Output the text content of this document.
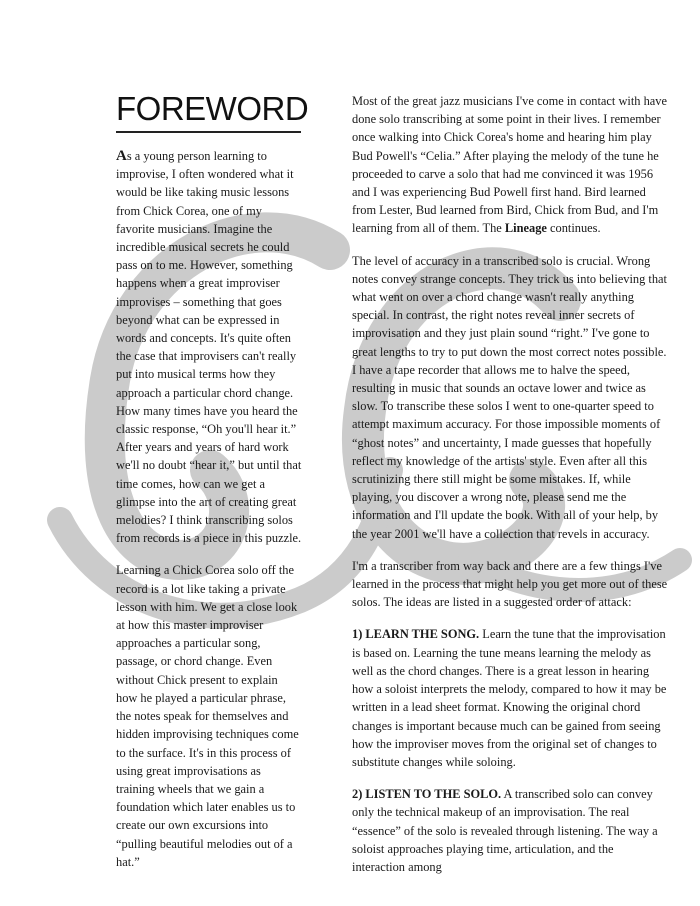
FOREWORD

As a young person learning to improvise, I often wondered what it would be like taking music lessons from Chick Corea, one of my favorite musicians. Imagine the incredible musical secrets he could pass on to me. However, something happens when a great improviser improvises – something that goes beyond what can be expressed in words and concepts. It's quite often the case that improvisers can't really put into musical terms how they approach a particular chord change. How many times have you heard the classic response, “Oh you'll hear it.” After years and years of hard work we'll no doubt “hear it,” but until that time comes, how can we get a glimpse into the art of creating great melodies? I think transcribing solos from records is a piece in this puzzle.

Learning a Chick Corea solo off the record is a lot like taking a private lesson with him. We get a close look at how this master improviser approaches a particular song, passage, or chord change. Even without Chick present to explain how he played a particular phrase, the notes speak for themselves and hidden improvising techniques come to the surface. It's in this process of using great improvisations as training wheels that we gain a foundation which later enables us to create our own excursions into “pulling beautiful melodies out of a hat.”

Most of the great jazz musicians I've come in contact with have done solo transcribing at some point in their lives. I remember once walking into Chick Corea's home and hearing him play Bud Powell's “Celia.” After playing the melody of the tune he proceeded to carve a solo that had me convinced it was 1956 and I was experiencing Bud Powell first hand. Bird learned from Lester, Bud learned from Bird, Chick from Bud, and I'm learning from all of them. The Lineage continues.

The level of accuracy in a transcribed solo is crucial. Wrong notes convey strange concepts. They trick us into believing that what went on over a chord change wasn't really anything special. In contrast, the right notes reveal inner secrets of improvisation and they just plain sound “right.” I've gone to great lengths to try to put down the most correct notes possible. I have a tape recorder that allows me to halve the speed, resulting in music that sounds an octave lower and twice as slow. To transcribe these solos I went to one-quarter speed to attempt maximum accuracy. For those impossible moments of “ghost notes” and uncertainty, I made guesses that hopefully reflect my knowledge of the artists' style. Even after all this scrutinizing there still might be some mistakes. If, while playing, you discover a wrong note, please send me the information and I'll update the book. With all of your help, by the year 2001 we'll have a collection that revels in accuracy.

I'm a transcriber from way back and there are a few things I've learned in the process that might help you get more out of these solos. The ideas are listed in a suggested order of attack:

1) LEARN THE SONG. Learn the tune that the improvisation is based on. Learning the tune means learning the melody as well as the chord changes. There is a great lesson in hearing how a soloist interprets the melody, compared to how it may be written in a lead sheet format. Knowing the original chord changes is important because much can be gained from seeing how the improviser moves from the original set of changes to substitute changes while soloing.

2) LISTEN TO THE SOLO. A transcribed solo can convey only the technical makeup of an improvisation. The real “essence” of the solo is revealed through listening. The way a soloist approaches playing time, articulation, and the interaction among
